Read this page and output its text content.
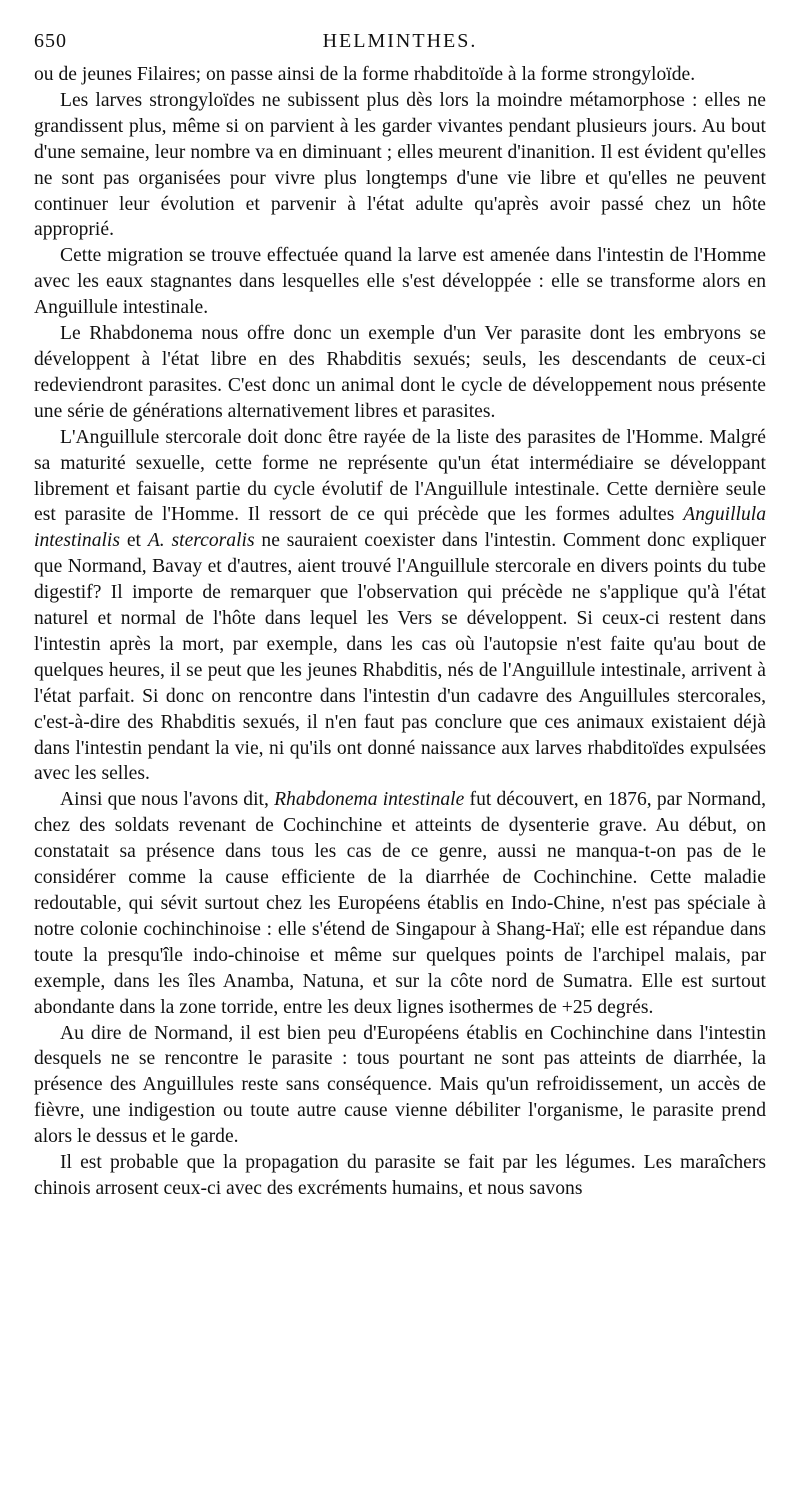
650	HELMINTHES.

ou de jeunes Filaires; on passe ainsi de la forme rhabditoïde à la forme strongyloïde.

Les larves strongyloïdes ne subissent plus dès lors la moindre métamorphose : elles ne grandissent plus, même si on parvient à les garder vivantes pendant plusieurs jours. Au bout d'une semaine, leur nombre va en diminuant ; elles meurent d'inanition. Il est évident qu'elles ne sont pas organisées pour vivre plus longtemps d'une vie libre et qu'elles ne peuvent continuer leur évolution et parvenir à l'état adulte qu'après avoir passé chez un hôte approprié.

Cette migration se trouve effectuée quand la larve est amenée dans l'intestin de l'Homme avec les eaux stagnantes dans lesquelles elle s'est développée : elle se transforme alors en Anguillule intestinale.

Le Rhabdonema nous offre donc un exemple d'un Ver parasite dont les embryons se développent à l'état libre en des Rhabditis sexués; seuls, les descendants de ceux-ci redeviendront parasites. C'est donc un animal dont le cycle de développement nous présente une série de générations alternativement libres et parasites.

L'Anguillule stercorale doit donc être rayée de la liste des parasites de l'Homme. Malgré sa maturité sexuelle, cette forme ne représente qu'un état intermédiaire se développant librement et faisant partie du cycle évolutif de l'Anguillule intestinale. Cette dernière seule est parasite de l'Homme. Il ressort de ce qui précède que les formes adultes Anguillula intestinalis et A. stercoralis ne sauraient coexister dans l'intestin. Comment donc expliquer que Normand, Bavay et d'autres, aient trouvé l'Anguillule stercorale en divers points du tube digestif? Il importe de remarquer que l'observation qui précède ne s'applique qu'à l'état naturel et normal de l'hôte dans lequel les Vers se développent. Si ceux-ci restent dans l'intestin après la mort, par exemple, dans les cas où l'autopsie n'est faite qu'au bout de quelques heures, il se peut que les jeunes Rhabditis, nés de l'Anguillule intestinale, arrivent à l'état parfait. Si donc on rencontre dans l'intestin d'un cadavre des Anguillules stercorales, c'est-à-dire des Rhabditis sexués, il n'en faut pas conclure que ces animaux existaient déjà dans l'intestin pendant la vie, ni qu'ils ont donné naissance aux larves rhabditoïdes expulsées avec les selles.

Ainsi que nous l'avons dit, Rhabdonema intestinale fut découvert, en 1876, par Normand, chez des soldats revenant de Cochinchine et atteints de dysenterie grave. Au début, on constatait sa présence dans tous les cas de ce genre, aussi ne manqua-t-on pas de le considérer comme la cause efficiente de la diarrhée de Cochinchine. Cette maladie redoutable, qui sévit surtout chez les Européens établis en Indo-Chine, n'est pas spéciale à notre colonie cochinchinoise : elle s'étend de Singapour à Shang-Haï; elle est répandue dans toute la presqu'île indo-chinoise et même sur quelques points de l'archipel malais, par exemple, dans les îles Anamba, Natuna, et sur la côte nord de Sumatra. Elle est surtout abondante dans la zone torride, entre les deux lignes isothermes de +25 degrés.

Au dire de Normand, il est bien peu d'Européens établis en Cochinchine dans l'intestin desquels ne se rencontre le parasite : tous pourtant ne sont pas atteints de diarrhée, la présence des Anguillules reste sans conséquence. Mais qu'un refroidissement, un accès de fièvre, une indigestion ou toute autre cause vienne débiliter l'organisme, le parasite prend alors le dessus et le garde.

Il est probable que la propagation du parasite se fait par les légumes. Les maraîchers chinois arrosent ceux-ci avec des excréments humains, et nous savons
